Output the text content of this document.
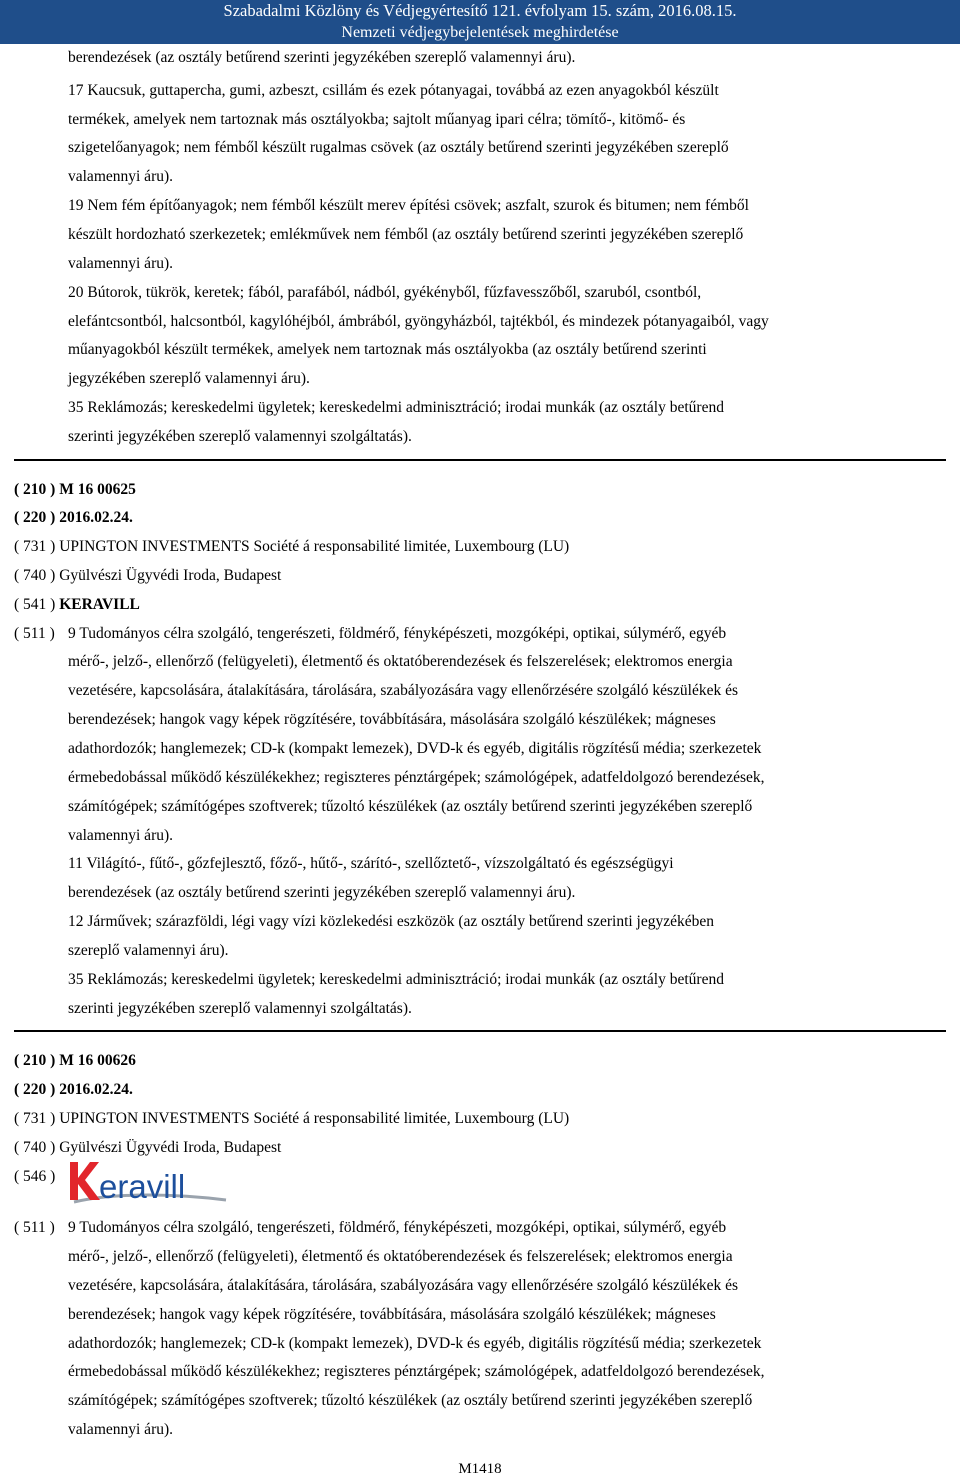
Szabadalmi Közlöny és Védjegyértesítő 121. évfolyam 15. szám, 2016.08.15.
Nemzeti védjegybejelentések meghirdetése
berendezések (az osztály betűrend szerinti jegyzékében szereplő valamennyi áru).
17 Kaucsuk, guttapercha, gumi, azbeszt, csillám és ezek pótanyagai, továbbá az ezen anyagokból készült
termékek, amelyek nem tartoznak más osztályokba; sajtolt műanyag ipari célra; tömítő-, kitömő- és
szigetelőanyagok; nem fémből készült rugalmas csövek (az osztály betűrend szerinti jegyzékében szereplő
valamennyi áru).
19 Nem fém építőanyagok; nem fémből készült merev építési csövek; aszfalt, szurok és bitumen; nem fémből
készült hordozható szerkezetek; emlékművek nem fémből (az osztály betűrend szerinti jegyzékében szereplő
valamennyi áru).
20 Bútorok, tükrök, keretek; fából, parafából, nádból, gyékényből, fűzfavesszőből, szaruból, csontból,
elefántcsontból, halcsontból, kagylóhéjból, ámbrából, gyöngyházból, tajtékból, és mindezek pótanyagaiból, vagy
műanyagokból készült termékek, amelyek nem tartoznak más osztályokba (az osztály betűrend szerinti
jegyzékében szereplő valamennyi áru).
35 Reklámozás; kereskedelmi ügyletek; kereskedelmi adminisztráció; irodai munkák (az osztály betűrend
szerinti jegyzékében szereplő valamennyi szolgáltatás).
( 210 ) M 16 00625
( 220 ) 2016.02.24.
( 731 ) UPINGTON INVESTMENTS Société á responsabilité limitée, Luxembourg (LU)
( 740 ) Gyülvészi Ügyvédi Iroda, Budapest
( 541 ) KERAVILL
( 511 ) 9 Tudományos célra szolgáló, tengerészeti, földmérő, fényképészeti, mozgóképi, optikai, súlymérő, egyéb
mérő-, jelző-, ellenőrző (felügyeleti), életmentő és oktatóberendezések és felszerelések; elektromos energia
vezetésére, kapcsolására, átalakítására, tárolására, szabályozására vagy ellenőrzésére szolgáló készülékek és
berendezések; hangok vagy képek rögzítésére, továbbítására, másolására szolgáló készülékek; mágneses
adathordozók; hanglemezek; CD-k (kompakt lemezek), DVD-k és egyéb, digitális rögzítésű média; szerkezetek
érmebedobással működő készülékekhez; regiszteres pénztárgépek; számológépek, adatfeldolgozó berendezések,
számítógépek; számítógépes szoftverek; tűzoltó készülékek (az osztály betűrend szerinti jegyzékében szereplő
valamennyi áru).
11 Világító-, fűtő-, gőzfejlesztő, főző-, hűtő-, szárító-, szellőztető-, vízszolgáltató és egészségügyi
berendezések (az osztály betűrend szerinti jegyzékében szereplő valamennyi áru).
12 Járművek; szárazföldi, légi vagy vízi közlekedési eszközök (az osztály betűrend szerinti jegyzékében
szereplő valamennyi áru).
35 Reklámozás; kereskedelmi ügyletek; kereskedelmi adminisztráció; irodai munkák (az osztály betűrend
szerinti jegyzékében szereplő valamennyi szolgáltatás).
( 210 ) M 16 00626
( 220 ) 2016.02.24.
( 731 ) UPINGTON INVESTMENTS Société á responsabilité limitée, Luxembourg (LU)
( 740 ) Gyülvészi Ügyvédi Iroda, Budapest
( 546 ) eravill
( 511 ) 9 Tudományos célra szolgáló, tengerészeti, földmérő, fényképészeti, mozgóképi, optikai, súlymérő, egyéb
mérő-, jelző-, ellenőrző (felügyeleti), életmentő és oktatóberendezések és felszerelések; elektromos energia
vezetésére, kapcsolására, átalakítására, tárolására, szabályozására vagy ellenőrzésére szolgáló készülékek és
berendezések; hangok vagy képek rögzítésére, továbbítására, másolására szolgáló készülékek; mágneses
adathordozók; hanglemezek; CD-k (kompakt lemezek), DVD-k és egyéb, digitális rögzítésű média; szerkezetek
érmebedobással működő készülékekhez; regiszteres pénztárgépek; számológépek, adatfeldolgozó berendezések,
számítógépek; számítógépes szoftverek; tűzoltó készülékek (az osztály betűrend szerinti jegyzékében szereplő
valamennyi áru).
M1418
